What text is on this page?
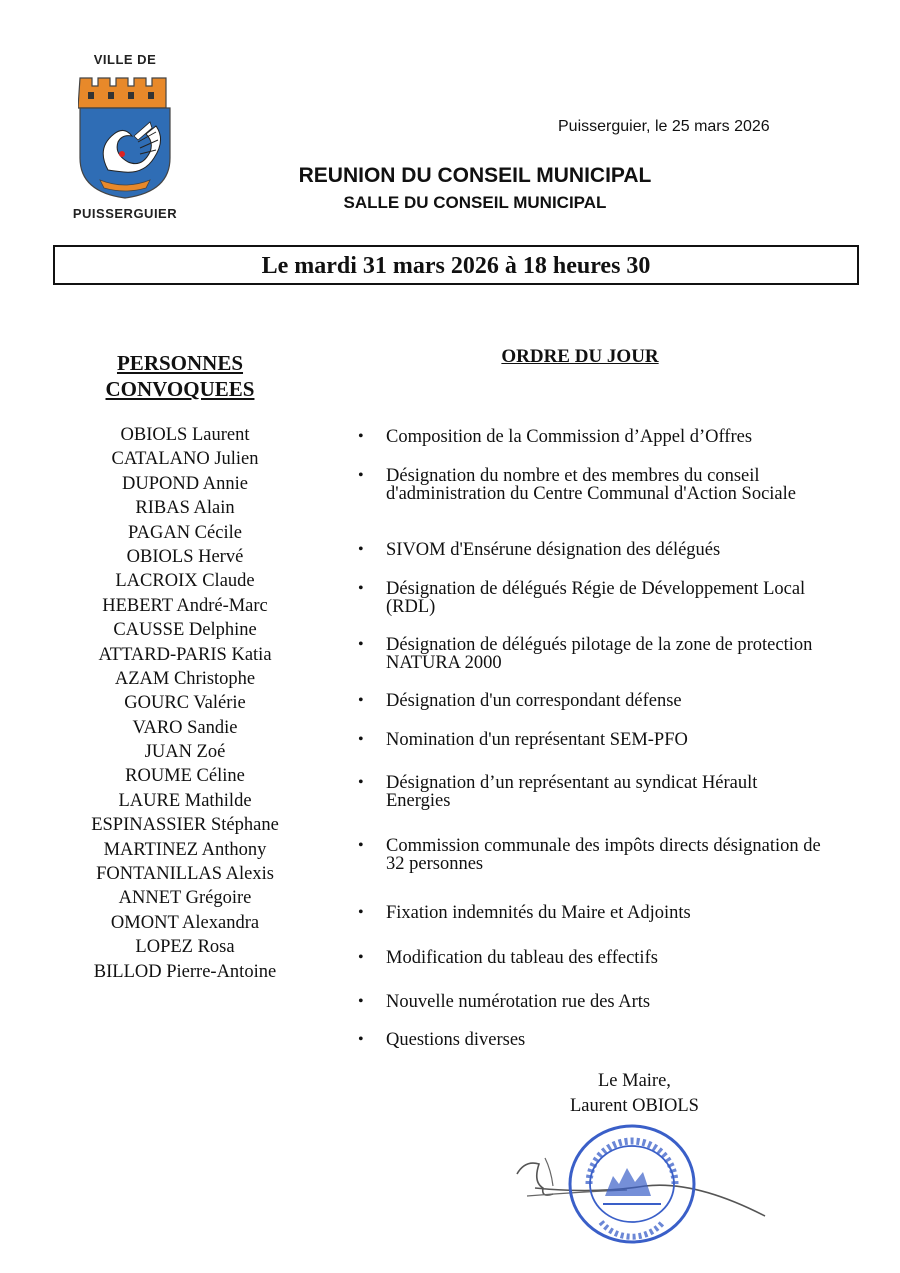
VILLE DE
PUISSERGUIER
Puisserguier, le 25 mars 2026
REUNION DU CONSEIL MUNICIPAL
SALLE DU CONSEIL MUNICIPAL
Le mardi 31 mars 2026 à 18 heures 30
PERSONNES
CONVOQUEES
OBIOLS Laurent
CATALANO Julien
DUPOND Annie
RIBAS Alain
PAGAN Cécile
OBIOLS Hervé
LACROIX Claude
HEBERT André-Marc
CAUSSE Delphine
ATTARD-PARIS Katia
AZAM Christophe
GOURC Valérie
VARO Sandie
JUAN Zoé
ROUME Céline
LAURE Mathilde
ESPINASSIER Stéphane
MARTINEZ Anthony
FONTANILLAS Alexis
ANNET Grégoire
OMONT Alexandra
LOPEZ Rosa
BILLOD Pierre-Antoine
ORDRE DU JOUR
• Composition de la Commission d’Appel d’Offres
• Désignation du nombre et des membres du conseil d'administration du Centre Communal d'Action Sociale
• SIVOM d'Ensérune désignation des délégués
• Désignation de délégués Régie de Développement Local (RDL)
• Désignation de délégués pilotage de la zone de protection NATURA 2000
• Désignation d'un correspondant défense
• Nomination d'un représentant SEM-PFO
• Désignation d’un représentant au syndicat Hérault Energies
• Commission communale des impôts directs désignation de 32 personnes
• Fixation indemnités du Maire et Adjoints
• Modification du tableau des effectifs
• Nouvelle numérotation rue des Arts
• Questions diverses
Le Maire,
Laurent OBIOLS
